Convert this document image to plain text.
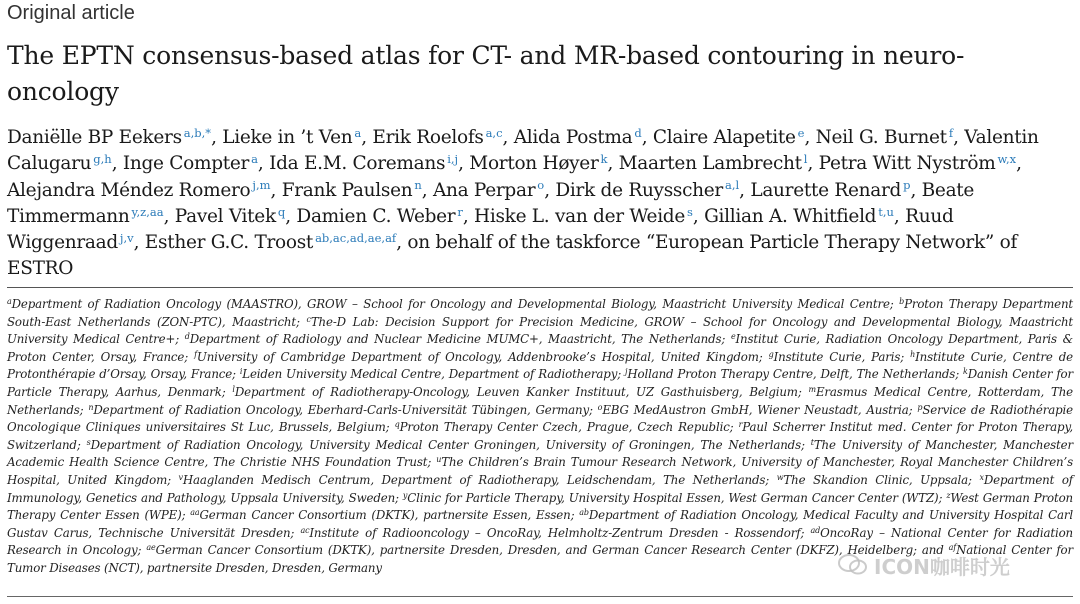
Original article
The EPTN consensus-based atlas for CT- and MR-based contouring in neuro-oncology
Daniëlle BP Eekers $^{a,b,*}$, Lieke in ’t Ven $^a$, Erik Roelofs $^{a,c}$, Alida Postma $^d$, Claire Alapetite $^e$, Neil G. Burnet $^f$, Valentin Calugaru $^{g,h}$, Inge Compter $^a$, Ida E.M. Coremans $^{i,j}$, Morton Høyer $^k$, Maarten Lambrecht $^l$, Petra Witt Nyström $^{w,x}$, Alejandra Méndez Romero $^{j,m}$, Frank Paulsen $^n$, Ana Perpar $^o$, Dirk de Ruysscher $^{a,l}$, Laurette Renard $^p$, Beate Timmermann $^{y,z,aa}$, Pavel Vitek $^q$, Damien C. Weber $^r$, Hiske L. van der Weide $^s$, Gillian A. Whitfield $^{t,u}$, Ruud Wiggenraad $^{j,v}$, Esther G.C. Troost $^{ab,ac,ad,ae,af}$, on behalf of the taskforce “European Particle Therapy Network” of ESTRO
$^a$Department of Radiation Oncology (MAASTRO), GROW – School for Oncology and Developmental Biology, Maastricht University Medical Centre; $^b$Proton Therapy Department South-East Netherlands (ZON-PTC), Maastricht; $^c$The-D Lab: Decision Support for Precision Medicine, GROW – School for Oncology and Developmental Biology, Maastricht University Medical Centre+; $^d$Department of Radiology and Nuclear Medicine MUMC+, Maastricht, The Netherlands; $^e$Institut Curie, Radiation Oncology Department, Paris & Proton Center, Orsay, France; $^f$University of Cambridge Department of Oncology, Addenbrooke’s Hospital, United Kingdom; $^g$Institute Curie, Paris; $^h$Institute Curie, Centre de Protonthérapie d’Orsay, Orsay, France; $^i$Leiden University Medical Centre, Department of Radiotherapy; $^j$Holland Proton Therapy Centre, Delft, The Netherlands; $^k$Danish Center for Particle Therapy, Aarhus, Denmark; $^l$Department of Radiotherapy-Oncology, Leuven Kanker Instituut, UZ Gasthuisberg, Belgium; $^m$Erasmus Medical Centre, Rotterdam, The Netherlands; $^n$Department of Radiation Oncology, Eberhard-Carls-Universität Tübingen, Germany; $^o$EBG MedAustron GmbH, Wiener Neustadt, Austria; $^p$Service de Radiothérapie Oncologique Cliniques universitaires St Luc, Brussels, Belgium; $^q$Proton Therapy Center Czech, Prague, Czech Republic; $^r$Paul Scherrer Institut med. Center for Proton Therapy, Switzerland; $^s$Department of Radiation Oncology, University Medical Center Groningen, University of Groningen, The Netherlands; $^t$The University of Manchester, Manchester Academic Health Science Centre, The Christie NHS Foundation Trust; $^u$The Children’s Brain Tumour Research Network, University of Manchester, Royal Manchester Children’s Hospital, United Kingdom; $^v$Haaglanden Medisch Centrum, Department of Radiotherapy, Leidschendam, The Netherlands; $^w$The Skandion Clinic, Uppsala; $^x$Department of Immunology, Genetics and Pathology, Uppsala University, Sweden; $^y$Clinic for Particle Therapy, University Hospital Essen, West German Cancer Center (WTZ); $^z$West German Proton Therapy Center Essen (WPE); $^{aa}$German Cancer Consortium (DKTK), partnersite Essen, Essen; $^{ab}$Department of Radiation Oncology, Medical Faculty and University Hospital Carl Gustav Carus, Technische Universität Dresden; $^{ac}$Institute of Radiooncology – OncoRay, Helmholtz-Zentrum Dresden - Rossendorf; $^{ad}$OncoRay – National Center for Radiation Research in Oncology; $^{ae}$German Cancer Consortium (DKTK), partnersite Dresden, Dresden, and German Cancer Research Center (DKFZ), Heidelberg; and $^{af}$National Center for Tumor Diseases (NCT), partnersite Dresden, Dresden, Germany	ICON咖啡时光
